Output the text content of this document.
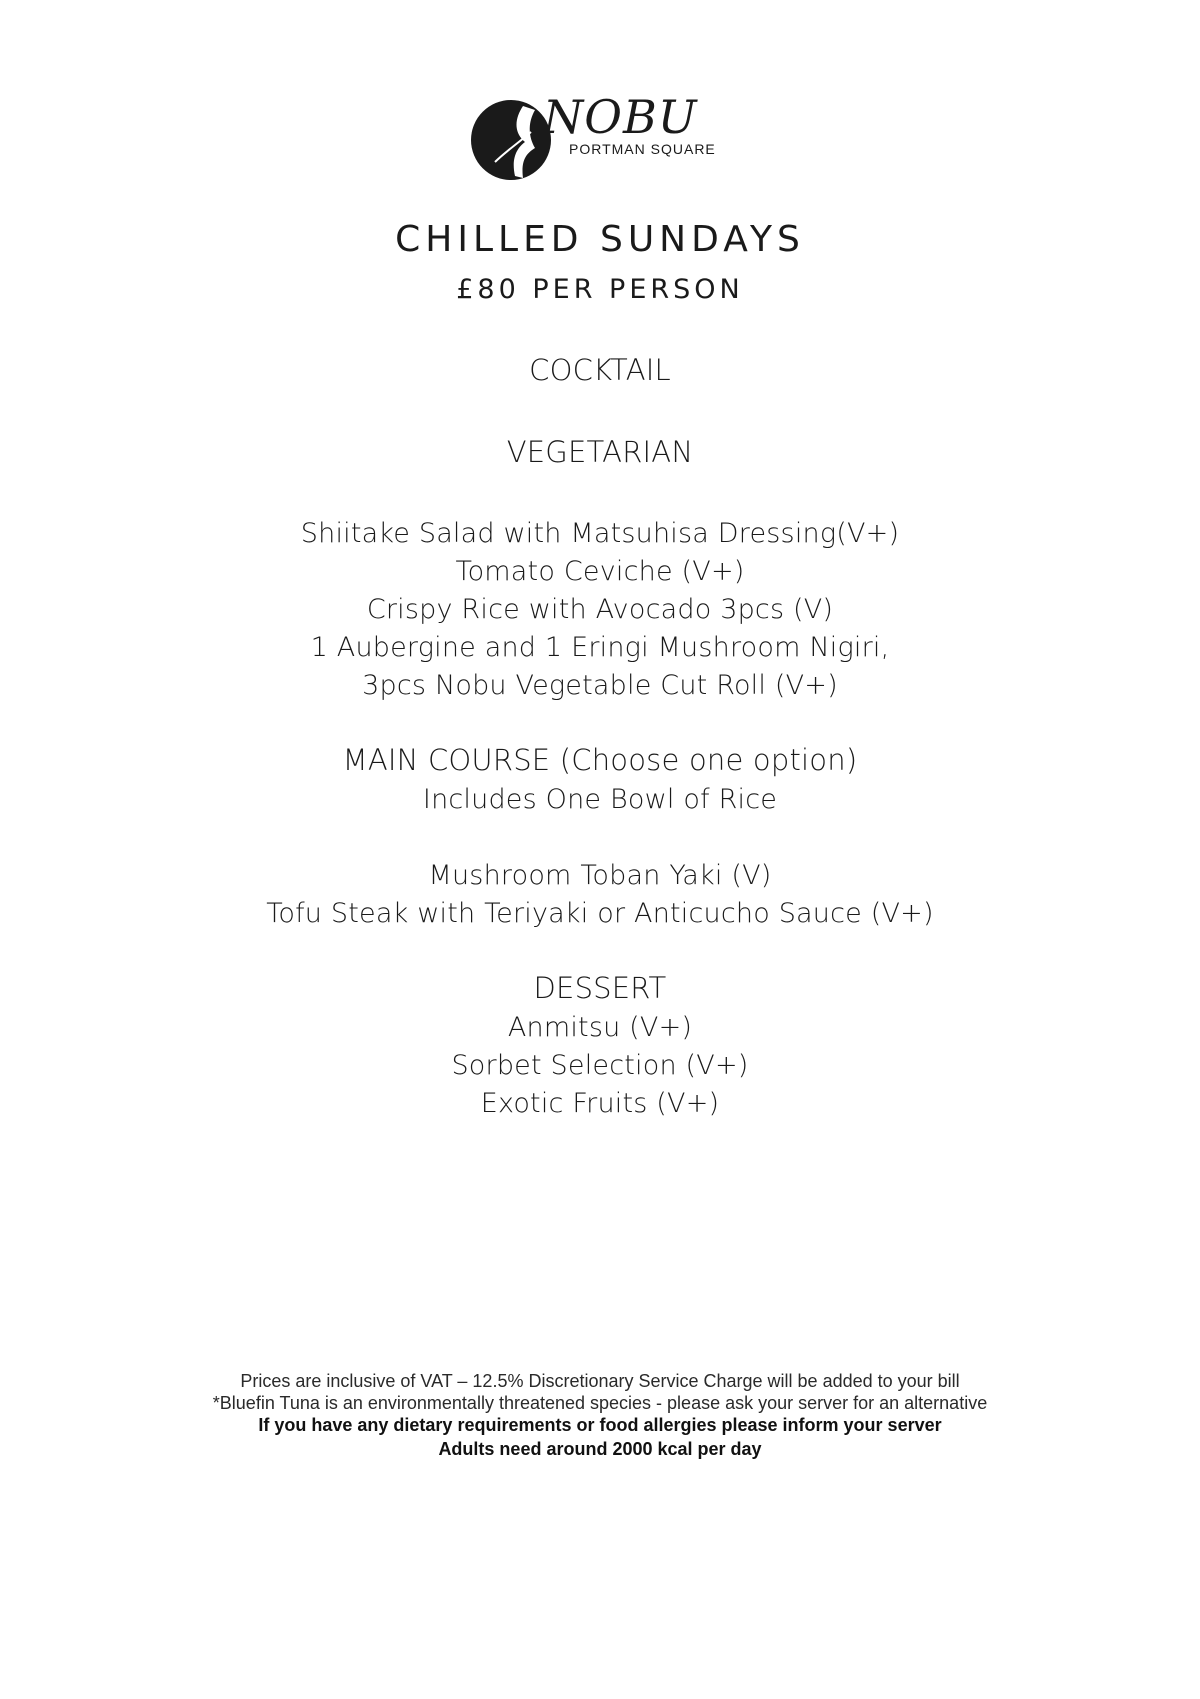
NOBU
PORTMAN SQUARE
CHILLED SUNDAYS
£80 PER PERSON
COCKTAIL
VEGETARIAN
Shiitake Salad with Matsuhisa Dressing(V+)
Tomato Ceviche (V+)
Crispy Rice with Avocado 3pcs (V)
1 Aubergine and 1 Eringi Mushroom Nigiri,
3pcs Nobu Vegetable Cut Roll (V+)
MAIN COURSE (Choose one option)
Includes One Bowl of Rice
Mushroom Toban Yaki (V)
Tofu Steak with Teriyaki or Anticucho Sauce (V+)
DESSERT
Anmitsu (V+)
Sorbet Selection (V+)
Exotic Fruits (V+)
Prices are inclusive of VAT – 12.5% Discretionary Service Charge will be added to your bill
*Bluefin Tuna is an environmentally threatened species - please ask your server for an alternative
If you have any dietary requirements or food allergies please inform your server
Adults need around 2000 kcal per day
